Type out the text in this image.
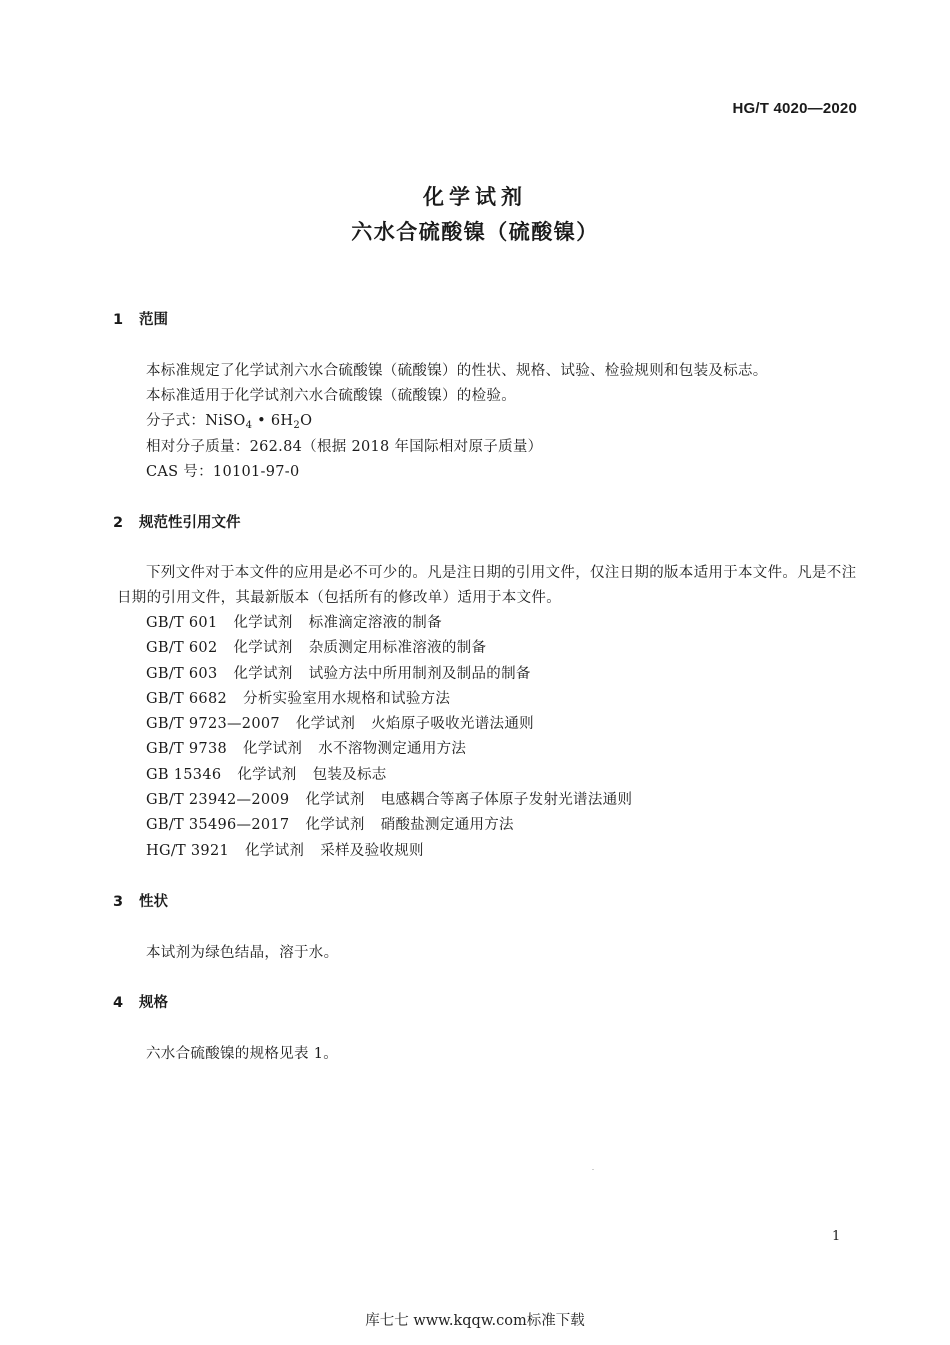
HG/T 4020—2020
化学试剂
六水合硫酸镍（硫酸镍）
1 范围
本标准规定了化学试剂六水合硫酸镍（硫酸镍）的性状、规格、试验、检验规则和包装及标志。
本标准适用于化学试剂六水合硫酸镍（硫酸镍）的检验。
分子式：NiSO$_4$ • $6H_2O$
相对分子质量：262.84（根据 2018 年国际相对原子质量）
CAS 号：10101-97-0
2 规范性引用文件
下列文件对于本文件的应用是必不可少的。凡是注日期的引用文件，仅注日期的版本适用于本文件。凡是不注日期的引用文件，其最新版本（包括所有的修改单）适用于本文件。
GB/T 601 化学试剂 标准滴定溶液的制备
GB/T 602 化学试剂 杂质测定用标准溶液的制备
GB/T 603 化学试剂 试验方法中所用制剂及制品的制备
GB/T 6682 分析实验室用水规格和试验方法
GB/T 9723—2007 化学试剂 火焰原子吸收光谱法通则
GB/T 9738 化学试剂 水不溶物测定通用方法
GB 15346 化学试剂 包装及标志
GB/T 23942—2009 化学试剂 电感耦合等离子体原子发射光谱法通则
GB/T 35496—2017 化学试剂 硝酸盐测定通用方法
HG/T 3921 化学试剂 采样及验收规则
3 性状
本试剂为绿色结晶，溶于水。
4 规格
六水合硫酸镍的规格见表 1。
1
库七七 www.kqqw.com标准下载
